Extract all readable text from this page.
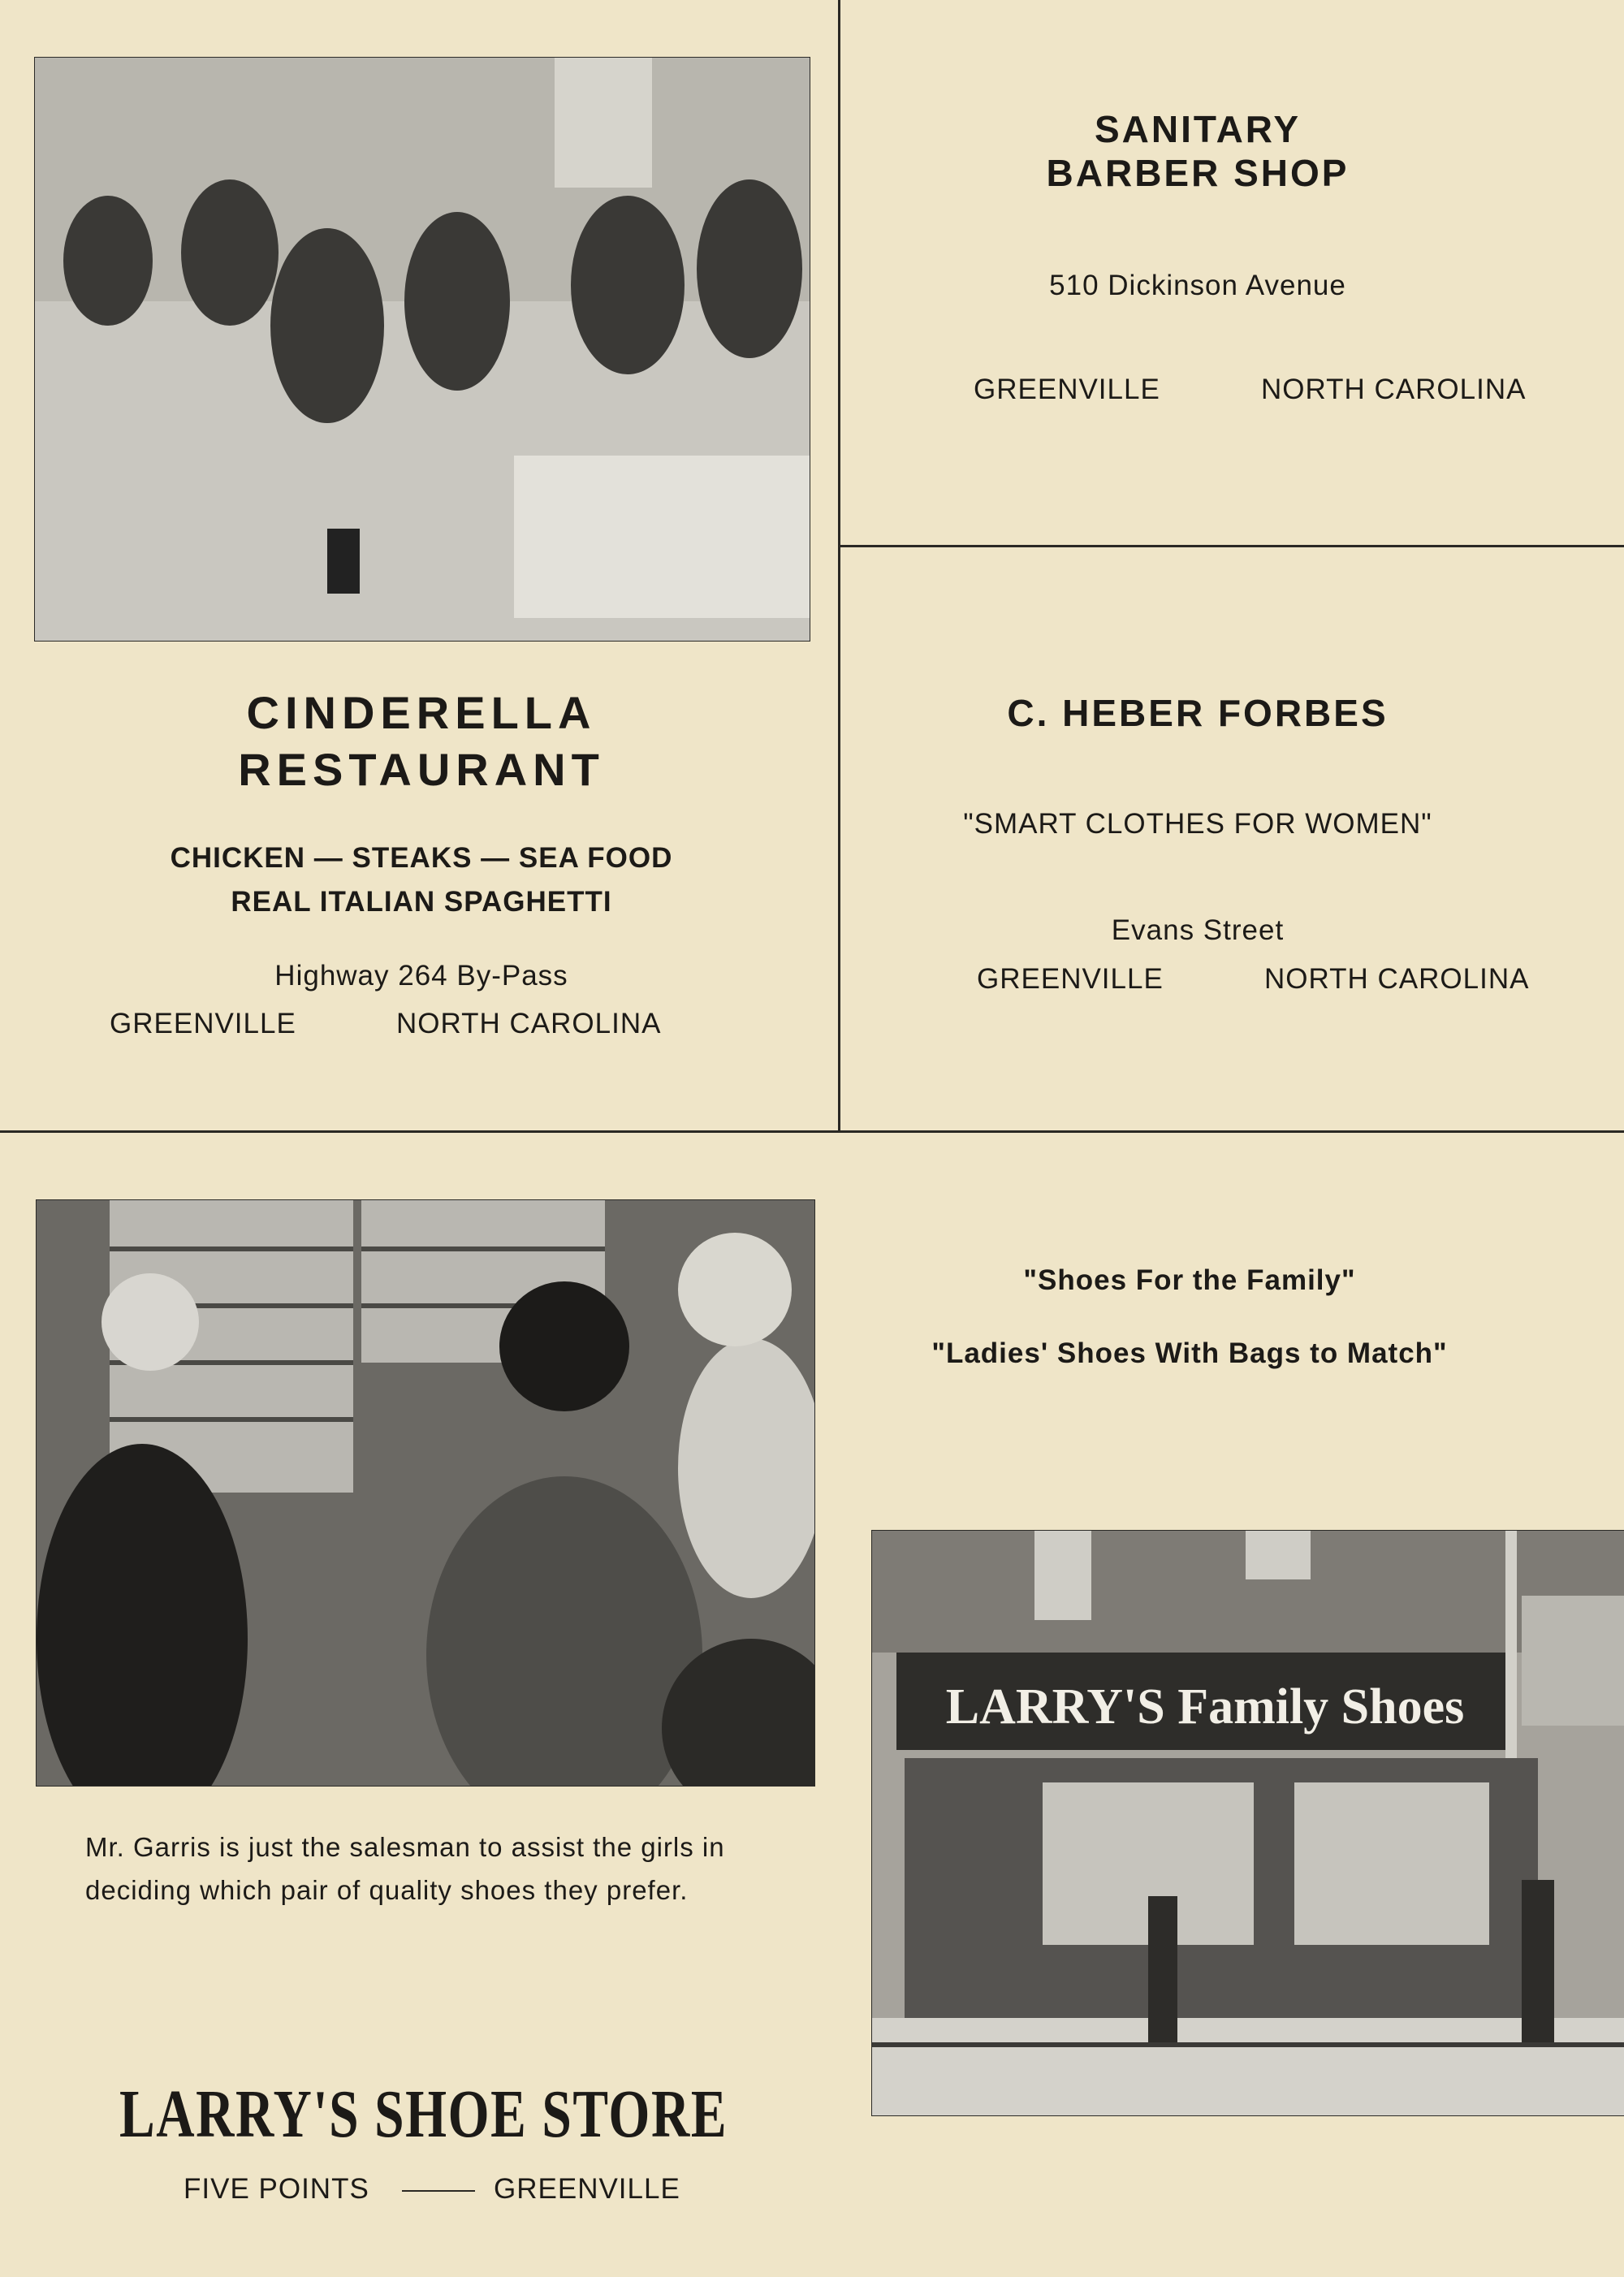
CINDERELLA
RESTAURANT
CHICKEN — STEAKS — SEA FOOD
REAL ITALIAN SPAGHETTI
Highway 264 By-Pass
GREENVILLE	NORTH CAROLINA
SANITARY
BARBER SHOP
510 Dickinson Avenue
GREENVILLE	NORTH CAROLINA
C. HEBER FORBES
"SMART CLOTHES FOR WOMEN"
Evans Street
GREENVILLE	NORTH CAROLINA
Mr. Garris is just the salesman to assist the girls in deciding which pair of quality shoes they prefer.
LARRY'S SHOE STORE
FIVE POINTS	GREENVILLE
"Shoes For the Family"
"Ladies' Shoes With Bags to Match"
LARRY'S Family Shoes
